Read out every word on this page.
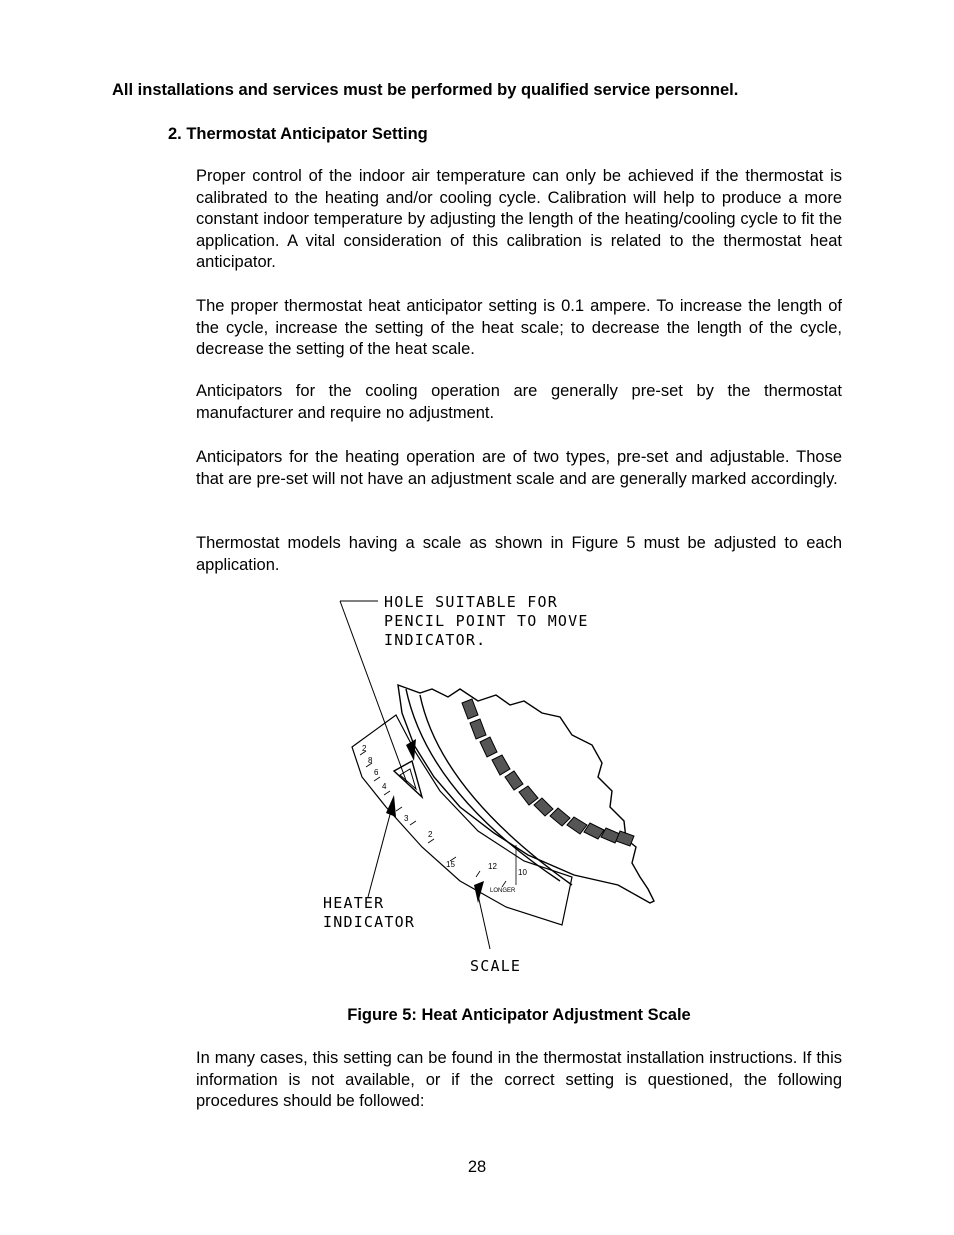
All installations and services must be performed by qualified service personnel.
2. Thermostat Anticipator Setting

Proper control of the indoor air temperature can only be achieved if the thermostat is calibrated to the heating and/or cooling cycle. Calibration will help to produce a more constant indoor temperature by adjusting the length of the heating/cooling cycle to fit the application. A vital consideration of this calibration is related to the thermostat heat anticipator.

The proper thermostat heat anticipator setting is 0.1 ampere. To increase the length of the cycle, increase the setting of the heat scale; to decrease the length of the cycle, decrease the setting of the heat scale.

Anticipators for the cooling operation are generally pre-set by the thermostat manufacturer and require no adjustment.

Anticipators for the heating operation are of two types, pre-set and adjustable. Those that are pre-set will not have an adjustment scale and are generally marked accordingly.

Thermostat models having a scale as shown in Figure 5 must be adjusted to each application.

HOLE SUITABLE FOR
PENCIL POINT TO MOVE
INDICATOR.
2
8
6
4
3
2
15	12
10
LONGER
HEATER
INDICATOR
SCALE
Figure 5: Heat Anticipator Adjustment Scale

In many cases, this setting can be found in the thermostat installation instructions. If this information is not available, or if the correct setting is questioned, the following procedures should be followed:

28
